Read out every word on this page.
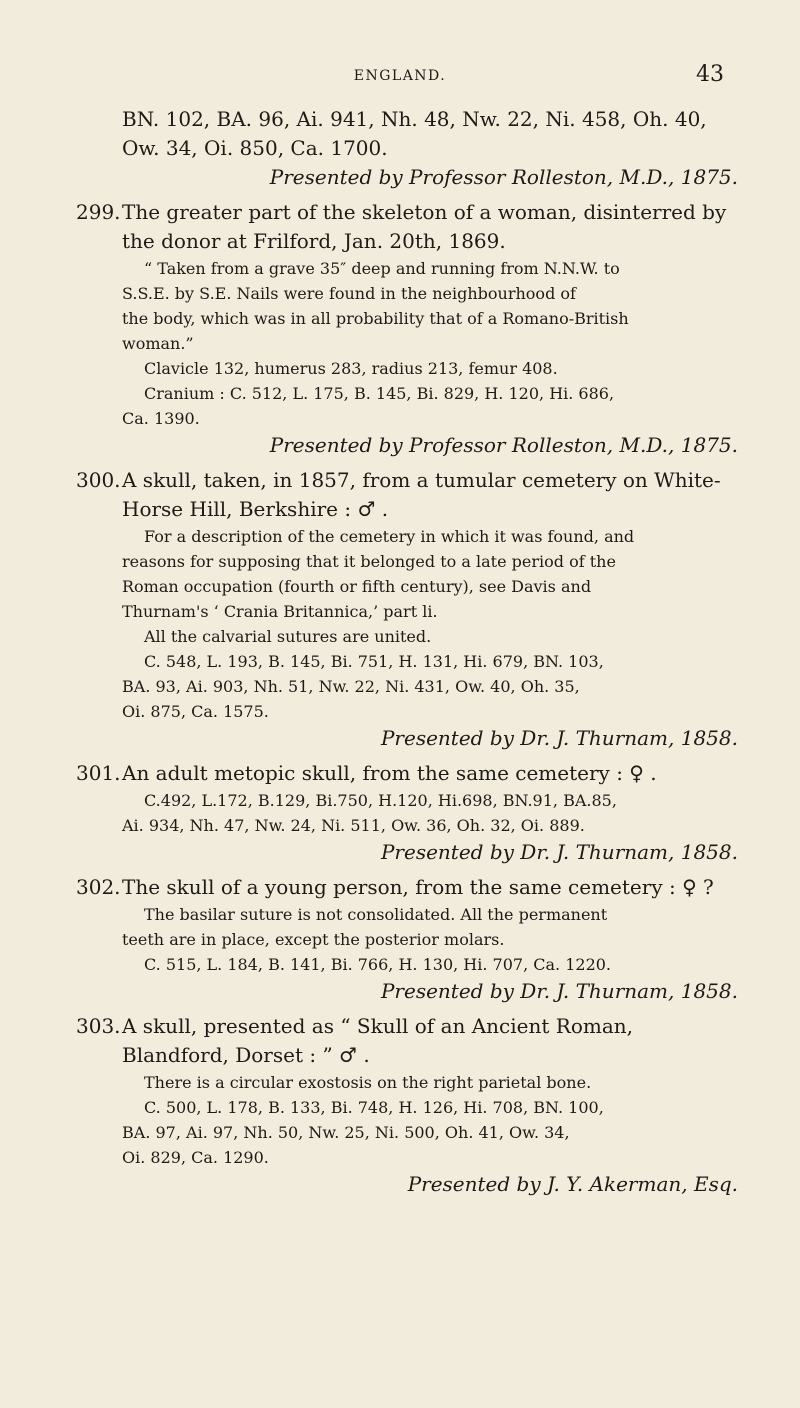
ENGLAND.	43
BN. 102, BA. 96, Ai. 941, Nh. 48, Nw. 22, Ni. 458, Oh. 40,
Ow. 34, Oi. 850, Ca. 1700.
Presented by Professor Rolleston, M.D., 1875.
299. The greater part of the skeleton of a woman, disinterred by
the donor at Frilford, Jan. 20th, 1869.
“ Taken from a grave 35″ deep and running from N.N.W. to
S.S.E. by S.E. Nails were found in the neighbourhood of
the body, which was in all probability that of a Romano-British
woman.”
Clavicle 132, humerus 283, radius 213, femur 408.
Cranium : C. 512, L. 175, B. 145, Bi. 829, H. 120, Hi. 686,
Ca. 1390.
Presented by Professor Rolleston, M.D., 1875.
300. A skull, taken, in 1857, from a tumular cemetery on White-
Horse Hill, Berkshire : ♂ .
For a description of the cemetery in which it was found, and
reasons for supposing that it belonged to a late period of the
Roman occupation (fourth or fifth century), see Davis and
Thurnam's ‘ Crania Britannica,’ part li.
All the calvarial sutures are united.
C. 548, L. 193, B. 145, Bi. 751, H. 131, Hi. 679, BN. 103,
BA. 93, Ai. 903, Nh. 51, Nw. 22, Ni. 431, Ow. 40, Oh. 35,
Oi. 875, Ca. 1575.
Presented by Dr. J. Thurnam, 1858.
301. An adult metopic skull, from the same cemetery : ♀ .
C.492, L.172, B.129, Bi.750, H.120, Hi.698, BN.91, BA.85,
Ai. 934, Nh. 47, Nw. 24, Ni. 511, Ow. 36, Oh. 32, Oi. 889.
Presented by Dr. J. Thurnam, 1858.
302. The skull of a young person, from the same cemetery : ♀ ?
The basilar suture is not consolidated. All the permanent
teeth are in place, except the posterior molars.
C. 515, L. 184, B. 141, Bi. 766, H. 130, Hi. 707, Ca. 1220.
Presented by Dr. J. Thurnam, 1858.
303. A skull, presented as “ Skull of an Ancient Roman,
Blandford, Dorset : ” ♂ .
There is a circular exostosis on the right parietal bone.
C. 500, L. 178, B. 133, Bi. 748, H. 126, Hi. 708, BN. 100,
BA. 97, Ai. 97, Nh. 50, Nw. 25, Ni. 500, Oh. 41, Ow. 34,
Oi. 829, Ca. 1290.
Presented by J. Y. Akerman, Esq.
